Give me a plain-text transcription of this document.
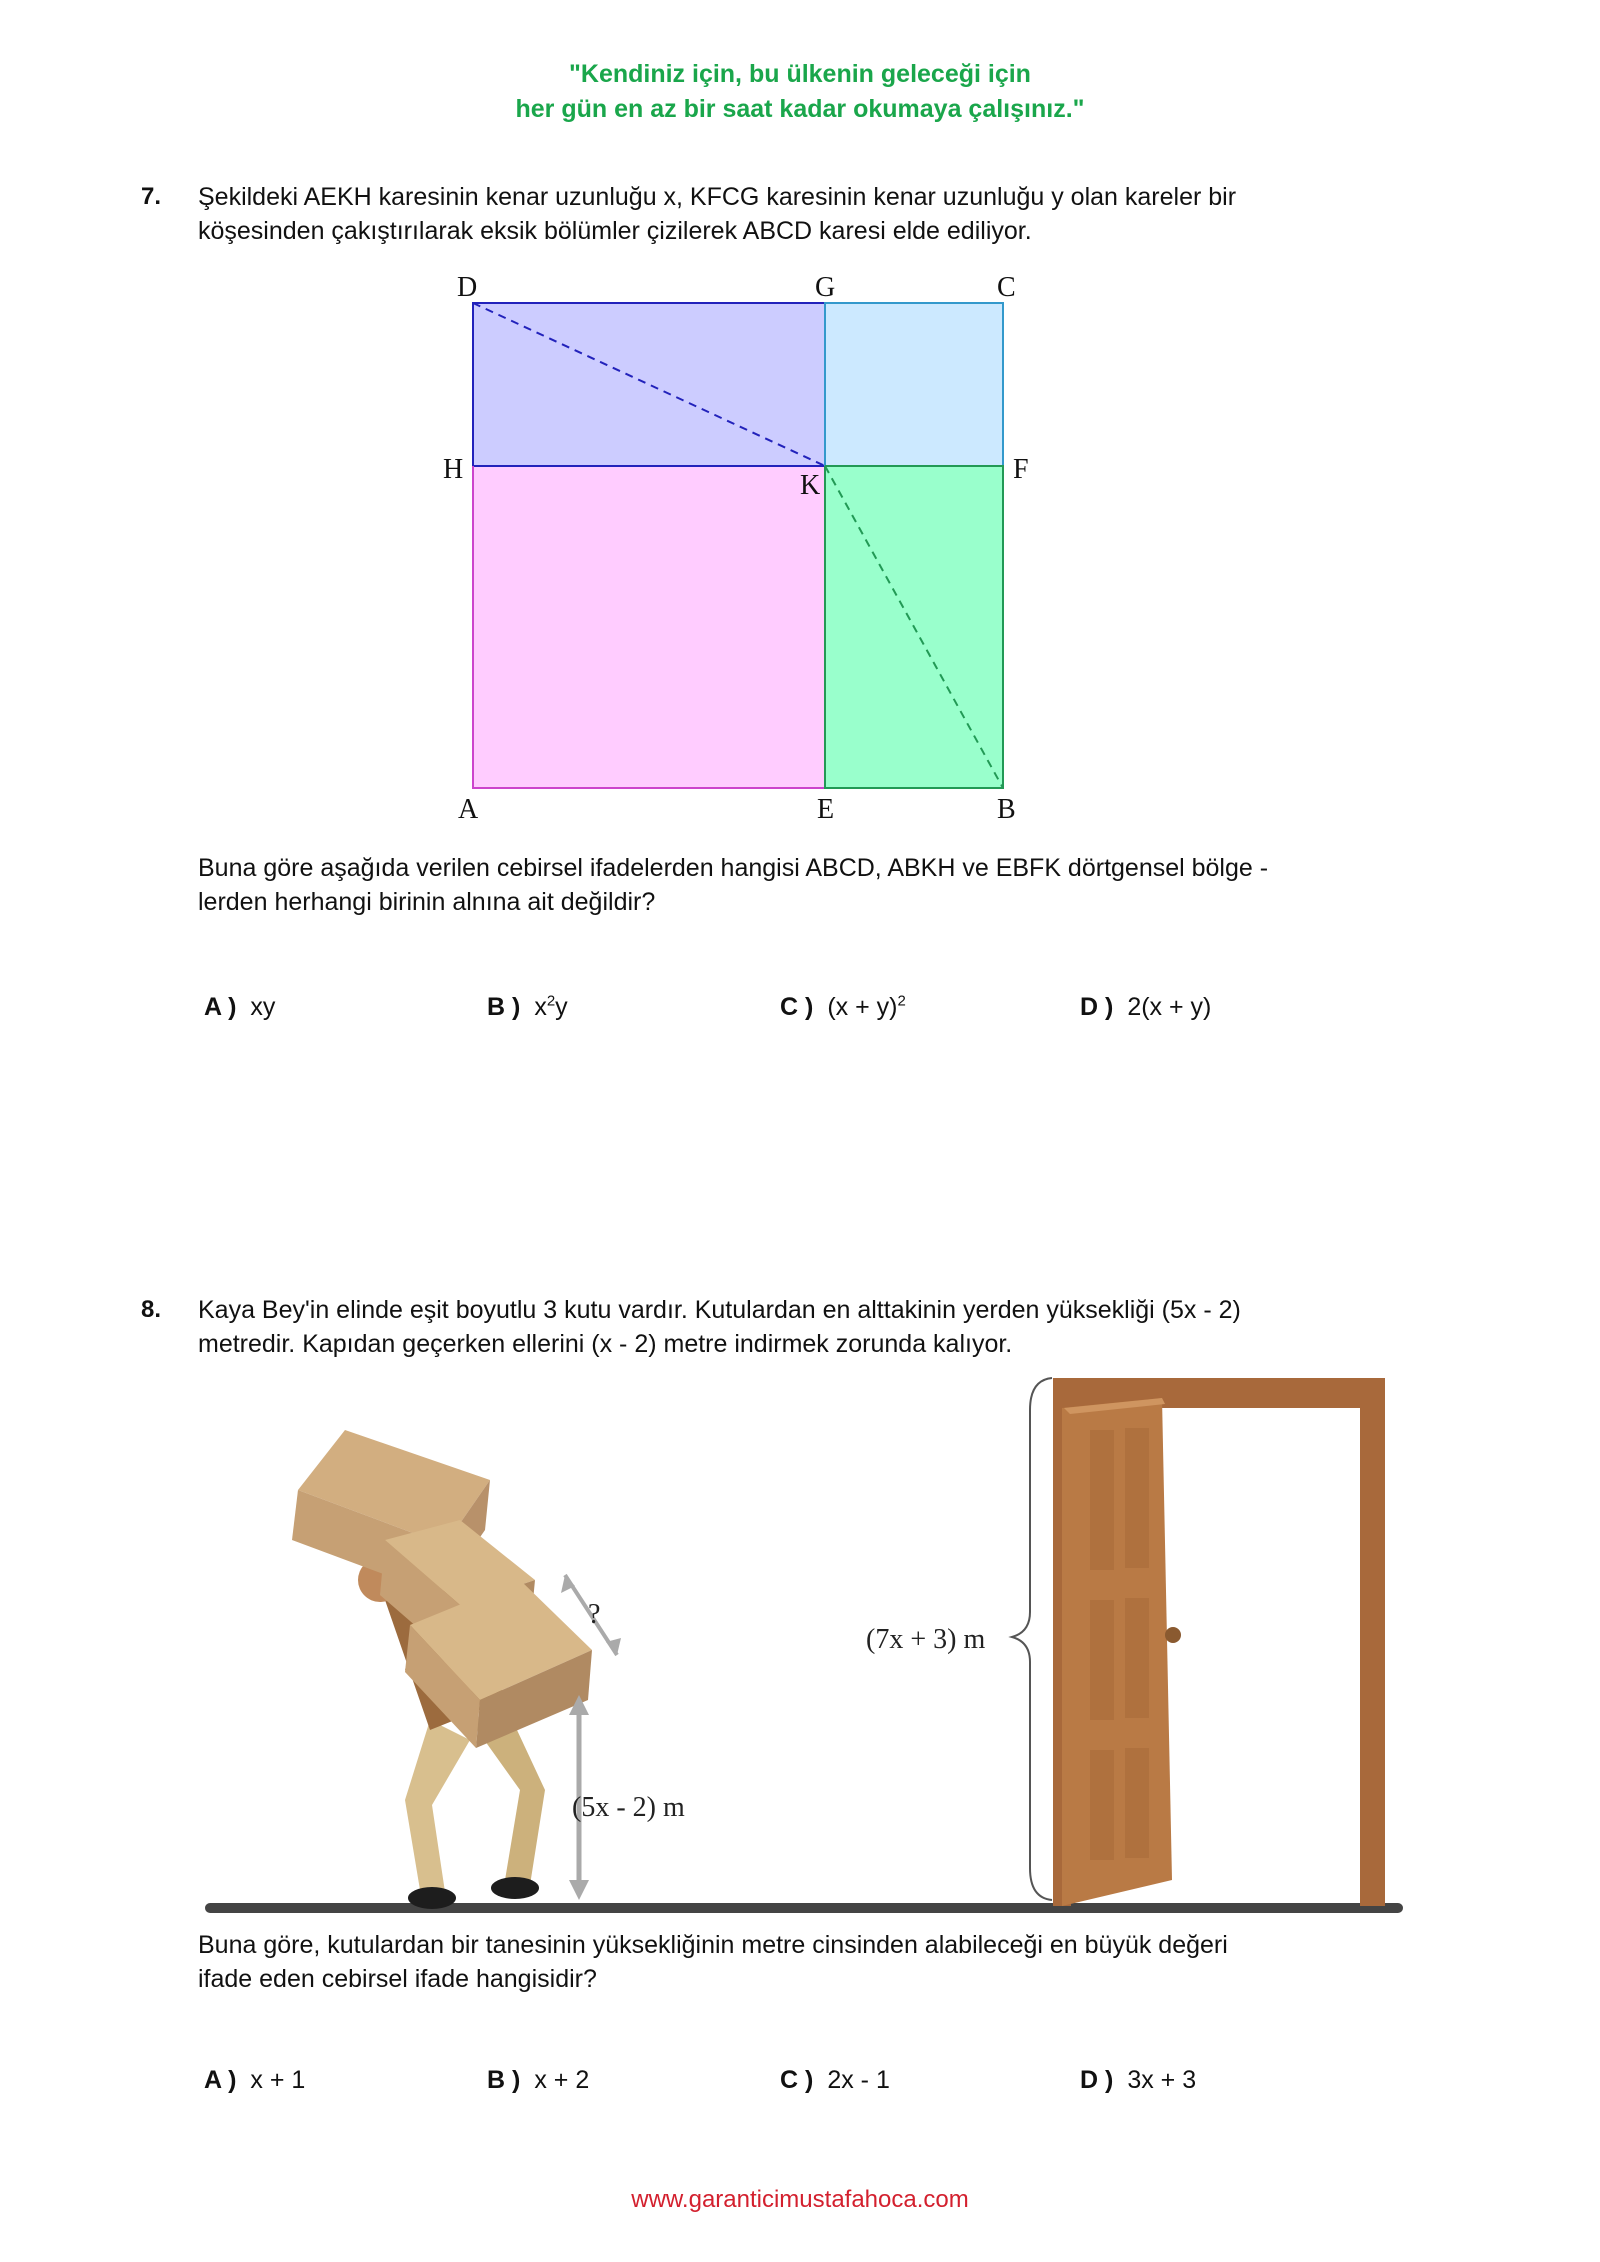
"Kendiniz için, bu ülkenin geleceği için
her gün en az bir saat kadar okumaya çalışınız."
7. Şekildeki AEKH karesinin kenar uzunluğu x, KFCG karesinin kenar uzunluğu y olan kareler bir
köşesinden çakıştırılarak eksik bölümler çizilerek ABCD karesi elde ediliyor.
D	G	C
H
K
F
A	E	B
?
(5x - 2) m
(7x + 3) m
Buna göre aşağıda verilen cebirsel ifadelerden hangisi ABCD, ABKH ve EBFK dörtgensel bölge -
lerden herhangi birinin alnına ait değildir?
A ) xy	B ) $x^2y$	C ) $(x + y)^2$	D ) 2(x + y)
8. Kaya Bey'in elinde eşit boyutlu 3 kutu vardır. Kutulardan en alttakinin yerden yüksekliği (5x - 2)
metredir. Kapıdan geçerken ellerini (x - 2) metre indirmek zorunda kalıyor.
Buna göre, kutulardan bir tanesinin yüksekliğinin metre cinsinden alabileceği en büyük değeri
ifade eden cebirsel ifade hangisidir?
A ) x + 1	B ) x + 2	C ) 2x - 1	D ) 3x + 3
www.garanticimustafahoca.com
